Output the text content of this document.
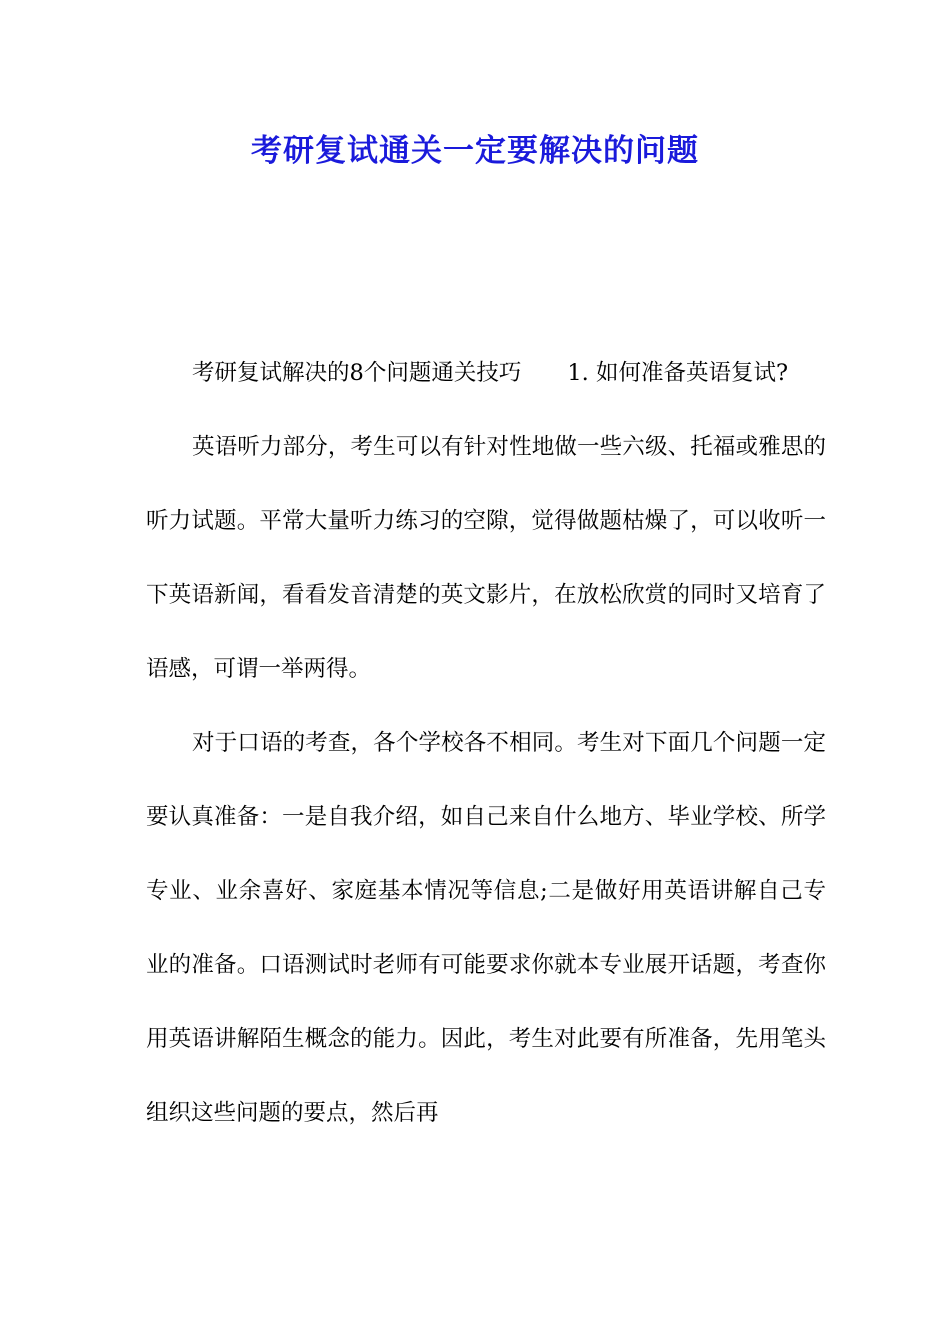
考研复试通关一定要解决的问题

考研复试解决的8个问题通关技巧 1. 如何准备英语复试?

英语听力部分，考生可以有针对性地做一些六级、托福或雅思的听力试题。平常大量听力练习的空隙，觉得做题枯燥了，可以收听一下英语新闻，看看发音清楚的英文影片，在放松欣赏的同时又培育了语感，可谓一举两得。

对于口语的考查，各个学校各不相同。考生对下面几个问题一定要认真准备：一是自我介绍，如自己来自什么地方、毕业学校、所学专业、业余喜好、家庭基本情况等信息;二是做好用英语讲解自己专业的准备。口语测试时老师有可能要求你就本专业展开话题，考查你用英语讲解陌生概念的能力。因此，考生对此要有所准备，先用笔头组织这些问题的要点，然后再
